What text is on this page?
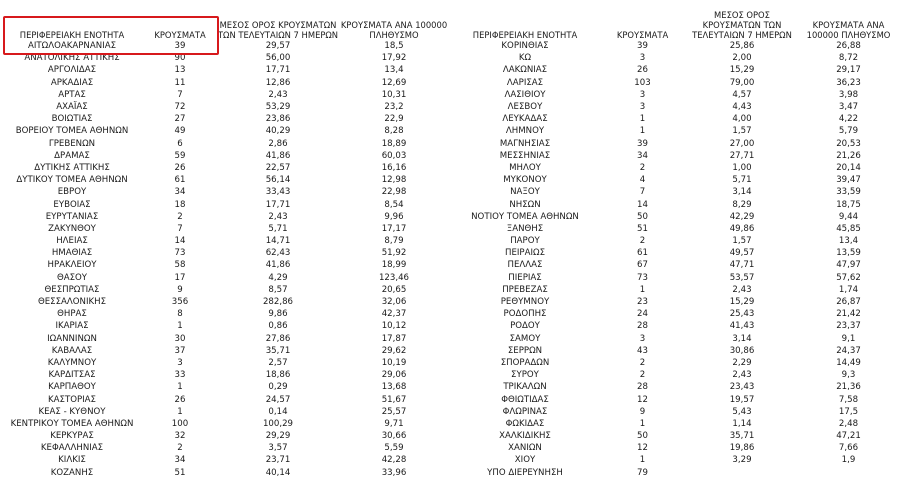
ΠΕΡΙΦΕΡΕΙΑΚΗ ΕΝΟΤΗΤΑ	ΚΡΟΥΣΜΑΤΑ	ΜΕΣΟΣ ΟΡΟΣ ΚΡΟΥΣΜΑΤΩΝ ΤΩΝ ΤΕΛΕΥΤΑΙΩΝ 7 ΗΜΕΡΩΝ	ΚΡΟΥΣΜΑΤΑ ΑΝΑ 100000 ΠΛΗΘΥΣΜΟ
ΑΙΤΩΛΟΑΚΑΡΝΑΝΙΑΣ	39	29,57	18,5
ΑΝΑΤΟΛΙΚΗΣ ΑΤΤΙΚΗΣ	90	56,00	17,92
ΑΡΓΟΛΙΔΑΣ	13	17,71	13,4
ΑΡΚΑΔΙΑΣ	11	12,86	12,69
ΑΡΤΑΣ	7	2,43	10,31
ΑΧΑΪΑΣ	72	53,29	23,2
ΒΟΙΩΤΙΑΣ	27	23,86	22,9
ΒΟΡΕΙΟΥ ΤΟΜΕΑ ΑΘΗΝΩΝ	49	40,29	8,28
ΓΡΕΒΕΝΩΝ	6	2,86	18,89
ΔΡΑΜΑΣ	59	41,86	60,03
ΔΥΤΙΚΗΣ ΑΤΤΙΚΗΣ	26	22,57	16,16
ΔΥΤΙΚΟΥ ΤΟΜΕΑ ΑΘΗΝΩΝ	61	56,14	12,98
ΕΒΡΟΥ	34	33,43	22,98
ΕΥΒΟΙΑΣ	18	17,71	8,54
ΕΥΡΥΤΑΝΙΑΣ	2	2,43	9,96
ΖΑΚΥΝΘΟΥ	7	5,71	17,17
ΗΛΕΙΑΣ	14	14,71	8,79
ΗΜΑΘΙΑΣ	73	62,43	51,92
ΗΡΑΚΛΕΙΟΥ	58	41,86	18,99
ΘΑΣΟΥ	17	4,29	123,46
ΘΕΣΠΡΩΤΙΑΣ	9	8,57	20,65
ΘΕΣΣΑΛΟΝΙΚΗΣ	356	282,86	32,06
ΘΗΡΑΣ	8	9,86	42,37
ΙΚΑΡΙΑΣ	1	0,86	10,12
ΙΩΑΝΝΙΝΩΝ	30	27,86	17,87
ΚΑΒΑΛΑΣ	37	35,71	29,62
ΚΑΛΥΜΝΟΥ	3	2,57	10,19
ΚΑΡΔΙΤΣΑΣ	33	18,86	29,06
ΚΑΡΠΑΘΟΥ	1	0,29	13,68
ΚΑΣΤΟΡΙΑΣ	26	24,57	51,67
ΚΕΑΣ - ΚΥΘΝΟΥ	1	0,14	25,57
ΚΕΝΤΡΙΚΟΥ ΤΟΜΕΑ ΑΘΗΝΩΝ	100	100,29	9,71
ΚΕΡΚΥΡΑΣ	32	29,29	30,66
ΚΕΦΑΛΛΗΝΙΑΣ	2	3,57	5,59
ΚΙΛΚΙΣ	34	23,71	42,28
ΚΟΖΑΝΗΣ	51	40,14	33,96
ΠΕΡΙΦΕΡΕΙΑΚΗ ΕΝΟΤΗΤΑ	ΚΡΟΥΣΜΑΤΑ	ΜΕΣΟΣ ΟΡΟΣ ΚΡΟΥΣΜΑΤΩΝ ΤΩΝ ΤΕΛΕΥΤΑΙΩΝ 7 ΗΜΕΡΩΝ	ΚΡΟΥΣΜΑΤΑ ΑΝΑ 100000 ΠΛΗΘΥΣΜΟ
ΚΟΡΙΝΘΙΑΣ	39	25,86	26,88
ΚΩ	3	2,00	8,72
ΛΑΚΩΝΙΑΣ	26	15,29	29,17
ΛΑΡΙΣΑΣ	103	79,00	36,23
ΛΑΣΙΘΙΟΥ	3	4,57	3,98
ΛΕΣΒΟΥ	3	4,43	3,47
ΛΕΥΚΑΔΑΣ	1	4,00	4,22
ΛΗΜΝΟΥ	1	1,57	5,79
ΜΑΓΝΗΣΙΑΣ	39	27,00	20,53
ΜΕΣΣΗΝΙΑΣ	34	27,71	21,26
ΜΗΛΟΥ	2	1,00	20,14
ΜΥΚΟΝΟΥ	4	5,71	39,47
ΝΑΞΟΥ	7	3,14	33,59
ΝΗΣΩΝ	14	8,29	18,75
ΝΟΤΙΟΥ ΤΟΜΕΑ ΑΘΗΝΩΝ	50	42,29	9,44
ΞΑΝΘΗΣ	51	49,86	45,85
ΠΑΡΟΥ	2	1,57	13,4
ΠΕΙΡΑΙΩΣ	61	49,57	13,59
ΠΕΛΛΑΣ	67	47,71	47,97
ΠΙΕΡΙΑΣ	73	53,57	57,62
ΠΡΕΒΕΖΑΣ	1	2,43	1,74
ΡΕΘΥΜΝΟΥ	23	15,29	26,87
ΡΟΔΟΠΗΣ	24	25,43	21,42
ΡΟΔΟΥ	28	41,43	23,37
ΣΑΜΟΥ	3	3,14	9,1
ΣΕΡΡΩΝ	43	30,86	24,37
ΣΠΟΡΑΔΩΝ	2	2,29	14,49
ΣΥΡΟΥ	2	2,43	9,3
ΤΡΙΚΑΛΩΝ	28	23,43	21,36
ΦΘΙΩΤΙΔΑΣ	12	19,57	7,58
ΦΛΩΡΙΝΑΣ	9	5,43	17,5
ΦΩΚΙΔΑΣ	1	1,14	2,48
ΧΑΛΚΙΔΙΚΗΣ	50	35,71	47,21
ΧΑΝΙΩΝ	12	19,86	7,66
ΧΙΟΥ	1	3,29	1,9
ΥΠΟ ΔΙΕΡΕΥΝΗΣΗ	79		
